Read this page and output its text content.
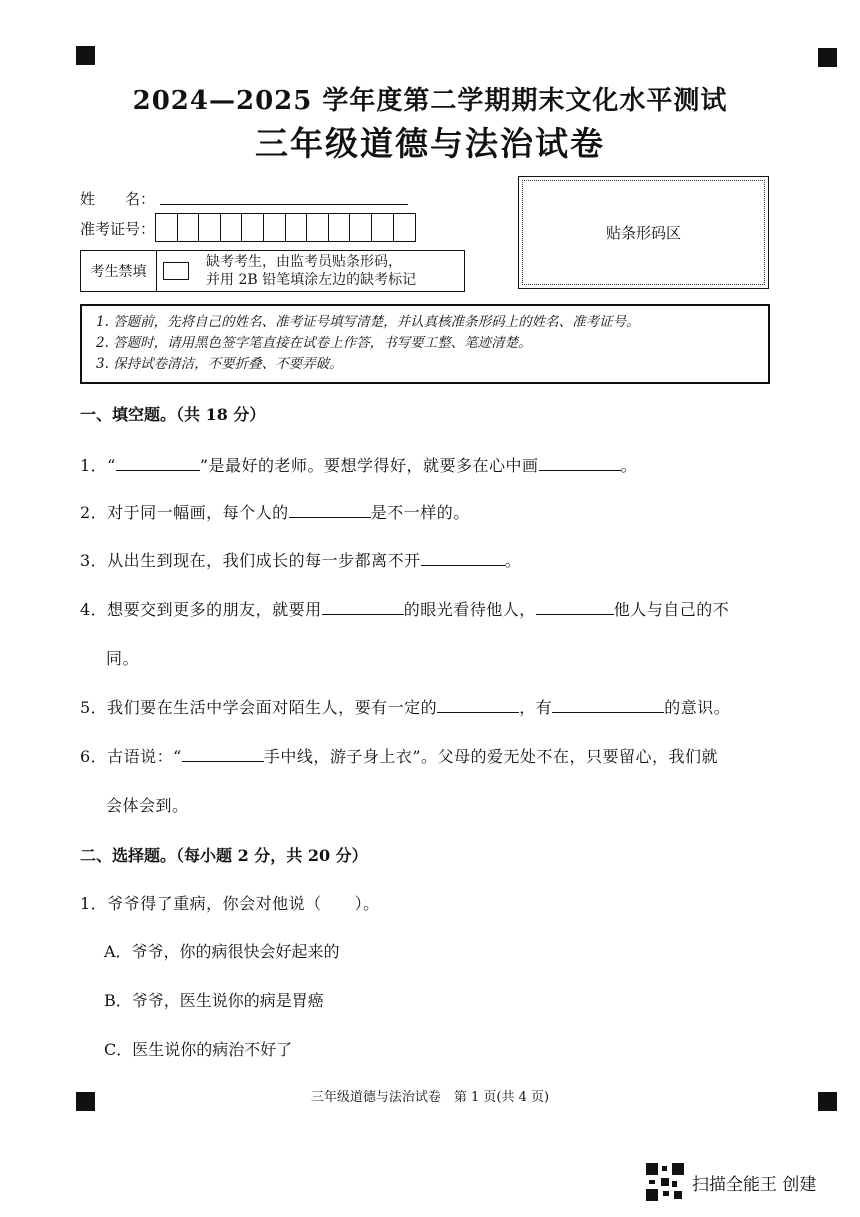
2024—2025 学年度第二学期期末文化水平测试
三年级道德与法治试卷
姓　　名：
准考证号：	贴条形码区
考生禁填
缺考考生，由监考员贴条形码，
并用 2B 铅笔填涂左边的缺考标记
1. 答题前，先将自己的姓名、准考证号填写清楚，并认真核准条形码上的姓名、准考证号。
2. 答题时，请用黑色签字笔直接在试卷上作答，书写要工整、笔迹清楚。
3. 保持试卷清洁，不要折叠、不要弄破。
一、填空题。（共 18 分）
1．“	”是最好的老师。要想学得好，就要多在心中画	。
2．对于同一幅画，每个人的	是不一样的。
3．从出生到现在，我们成长的每一步都离不开	。
4．想要交到更多的朋友，就要用	的眼光看待他人，	他人与自己的不
同。
5．我们要在生活中学会面对陌生人，要有一定的	，有	的意识。
6．古语说：“	手中线，游子身上衣”。父母的爱无处不在，只要留心，我们就
会体会到。
二、选择题。（每小题 2 分，共 20 分）
1．爷爷得了重病，你会对他说（　　）。
A．爷爷，你的病很快会好起来的
B．爷爷，医生说你的病是胃癌
C．医生说你的病治不好了
三年级道德与法治试卷　第 1 页(共 4 页)
扫描全能王 创建
